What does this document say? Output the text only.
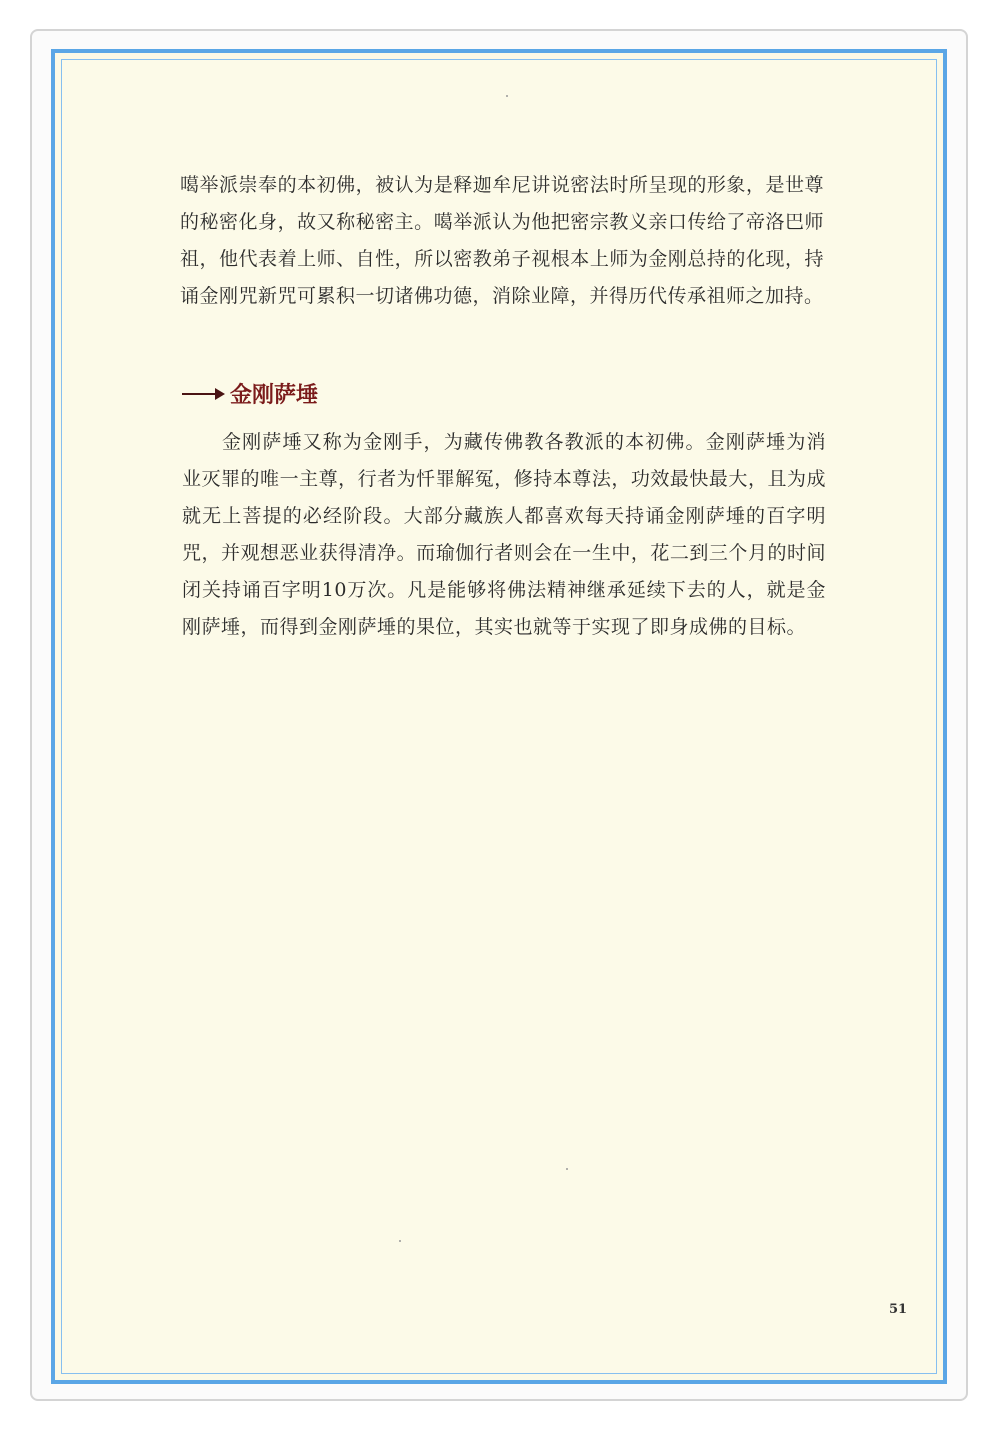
噶举派崇奉的本初佛，被认为是释迦牟尼讲说密法时所呈现的形象，是世尊的秘密化身，故又称秘密主。噶举派认为他把密宗教义亲口传给了帝洛巴师祖，他代表着上师、自性，所以密教弟子视根本上师为金刚总持的化现，持诵金刚咒新咒可累积一切诸佛功德，消除业障，并得历代传承祖师之加持。
金刚萨埵
金刚萨埵又称为金刚手，为藏传佛教各教派的本初佛。金刚萨埵为消业灭罪的唯一主尊，行者为忏罪解冤，修持本尊法，功效最快最大，且为成就无上菩提的必经阶段。大部分藏族人都喜欢每天持诵金刚萨埵的百字明咒，并观想恶业获得清净。而瑜伽行者则会在一生中，花二到三个月的时间闭关持诵百字明10万次。凡是能够将佛法精神继承延续下去的人，就是金刚萨埵，而得到金刚萨埵的果位，其实也就等于实现了即身成佛的目标。
51
